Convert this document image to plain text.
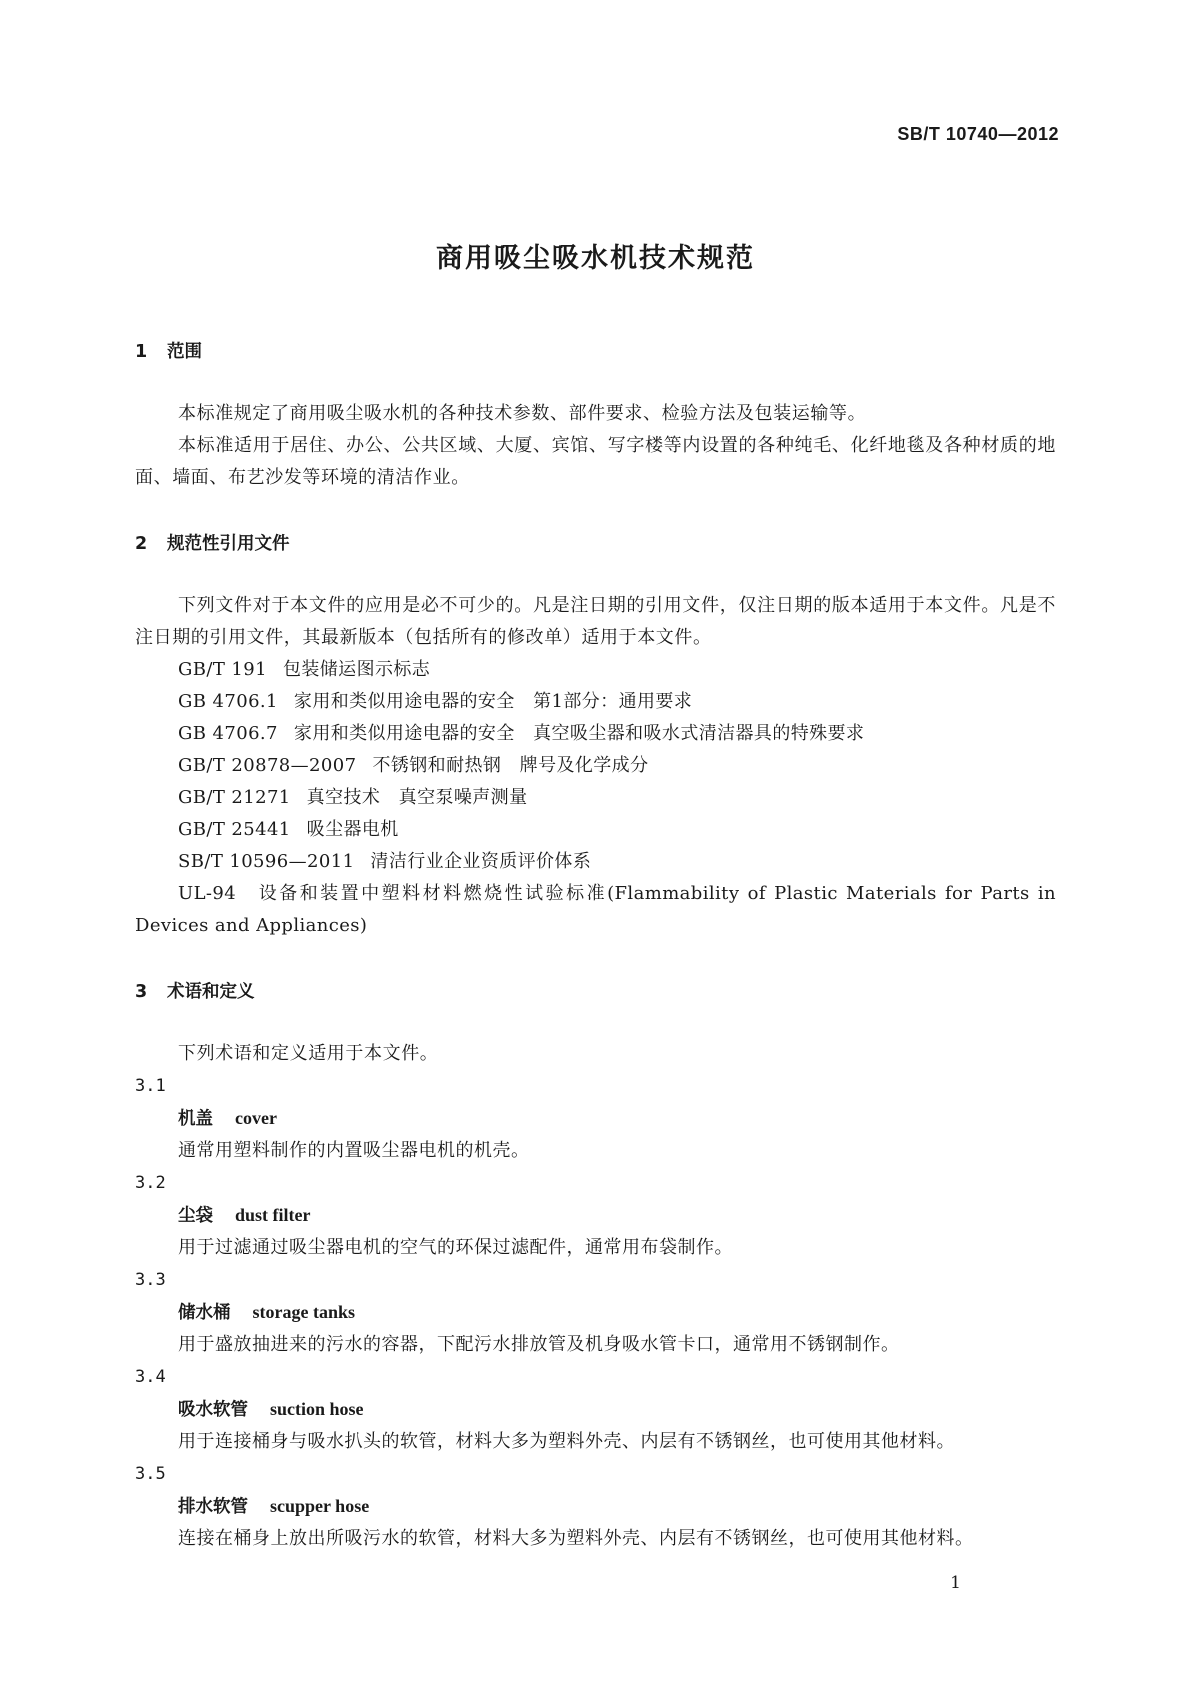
SB/T 10740—2012
商用吸尘吸水机技术规范
1 范围

本标准规定了商用吸尘吸水机的各种技术参数、部件要求、检验方法及包装运输等。

本标准适用于居住、办公、公共区域、大厦、宾馆、写字楼等内设置的各种纯毛、化纤地毯及各种材质的地面、墙面、布艺沙发等环境的清洁作业。

2 规范性引用文件

下列文件对于本文件的应用是必不可少的。凡是注日期的引用文件，仅注日期的版本适用于本文件。凡是不注日期的引用文件，其最新版本（包括所有的修改单）适用于本文件。

GB/T 191 包装储运图示标志

GB 4706.1 家用和类似用途电器的安全　第1部分：通用要求

GB 4706.7 家用和类似用途电器的安全　真空吸尘器和吸水式清洁器具的特殊要求

GB/T 20878—2007 不锈钢和耐热钢　牌号及化学成分

GB/T 21271 真空技术　真空泵噪声测量

GB/T 25441 吸尘器电机

SB/T 10596—2011 清洁行业企业资质评价体系

UL-94　设备和装置中塑料材料燃烧性试验标准(Flammability of Plastic Materials for Parts in Devices and Appliances)

3 术语和定义

下列术语和定义适用于本文件。

3.1

机盖 cover

通常用塑料制作的内置吸尘器电机的机壳。

3.2

尘袋 dust filter

用于过滤通过吸尘器电机的空气的环保过滤配件，通常用布袋制作。

3.3

储水桶 storage tanks

用于盛放抽进来的污水的容器，下配污水排放管及机身吸水管卡口，通常用不锈钢制作。

3.4

吸水软管 suction hose

用于连接桶身与吸水扒头的软管，材料大多为塑料外壳、内层有不锈钢丝，也可使用其他材料。

3.5

排水软管 scupper hose

连接在桶身上放出所吸污水的软管，材料大多为塑料外壳、内层有不锈钢丝，也可使用其他材料。

1
